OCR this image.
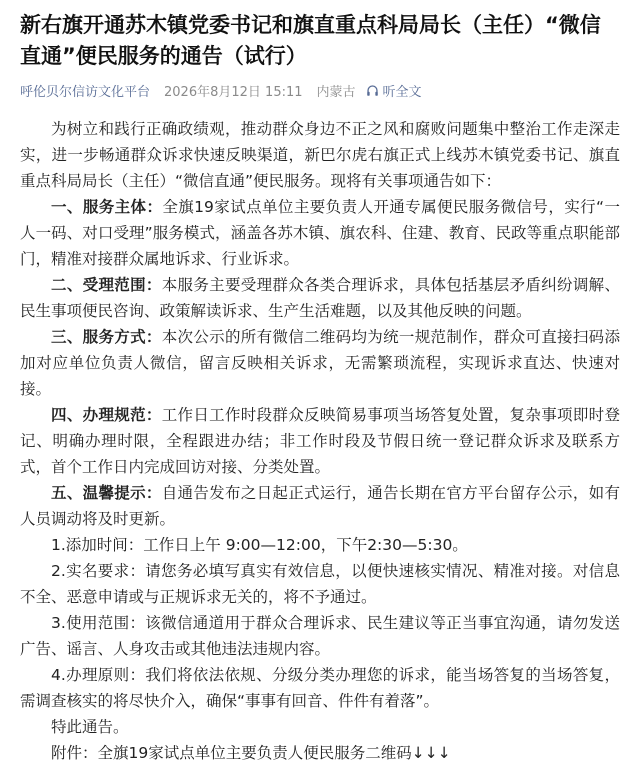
新右旗开通苏木镇党委书记和旗直重点科局局长（主任）“微信直通”便民服务的通告（试行）
呼伦贝尔信访文化平台 2026年8月12日 15:11 内蒙古 听全文

为树立和践行正确政绩观，推动群众身边不正之风和腐败问题集中整治工作走深走实，进一步畅通群众诉求快速反映渠道，新巴尔虎右旗正式上线苏木镇党委书记、旗直重点科局局长（主任）“微信直通”便民服务。现将有关事项通告如下：

一、服务主体：全旗19家试点单位主要负责人开通专属便民服务微信号，实行“一人一码、对口受理”服务模式，涵盖各苏木镇、旗农科、住建、教育、民政等重点职能部门，精准对接群众属地诉求、行业诉求。

二、受理范围：本服务主要受理群众各类合理诉求，具体包括基层矛盾纠纷调解、民生事项便民咨询、政策解读诉求、生产生活难题，以及其他反映的问题。

三、服务方式：本次公示的所有微信二维码均为统一规范制作，群众可直接扫码添加对应单位负责人微信，留言反映相关诉求，无需繁琐流程，实现诉求直达、快速对接。

四、办理规范：工作日工作时段群众反映简易事项当场答复处置，复杂事项即时登记、明确办理时限，全程跟进办结；非工作时段及节假日统一登记群众诉求及联系方式，首个工作日内完成回访对接、分类处置。

五、温馨提示：自通告发布之日起正式运行，通告长期在官方平台留存公示，如有人员调动将及时更新。

1.添加时间：工作日上午 9:00—12:00，下午2:30—5:30。

2.实名要求：请您务必填写真实有效信息，以便快速核实情况、精准对接。对信息不全、恶意申请或与正规诉求无关的，将不予通过。

3.使用范围：该微信通道用于群众合理诉求、民生建议等正当事宜沟通，请勿发送广告、谣言、人身攻击或其他违法违规内容。

4.办理原则：我们将依法依规、分级分类办理您的诉求，能当场答复的当场答复，需调查核实的将尽快介入，确保“事事有回音、件件有着落”。

特此通告。

附件：全旗19家试点单位主要负责人便民服务二维码↓↓↓
